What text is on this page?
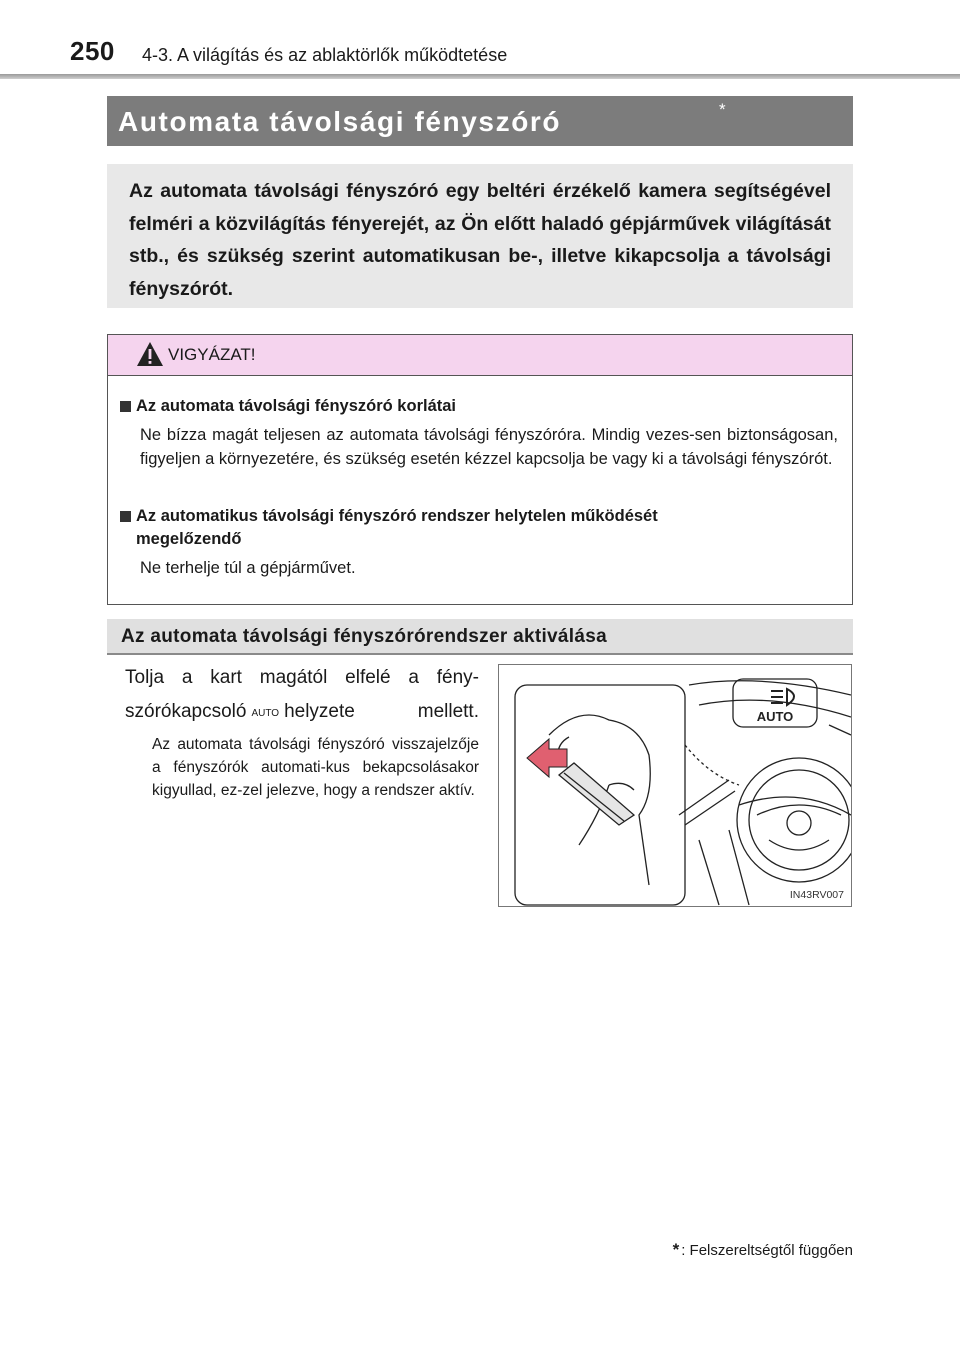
250 4-3. A világítás és az ablaktörlők működtetése
Automata távolsági fényszóró	*

Az automata távolsági fényszóró egy beltéri érzékelő kamera segítségével felméri a közvilágítás fényerejét, az Ön előtt haladó gépjárművek világítását stb., és szükség szerint automatikusan be-, illetve kikapcsolja a távolsági fényszórót.

VIGYÁZAT!
Az automata távolsági fényszóró korlátai
Ne bízza magát teljesen az automata távolsági fényszóróra. Mindig vezes-sen biztonságosan, figyeljen a környezetére, és szükség esetén kézzel kapcsolja be vagy ki a távolsági fényszórót.
Az automatikus távolsági fényszóró rendszer helytelen működését
megelőzendő
Ne terhelje túl a gépjárművet.
Az automata távolsági fényszórórendszer aktiválása
Tolja a kart magától elfelé a fény-
szórókapcsoló AUTO helyzete mellett.
Az automata távolsági fényszóró visszajelzője a fényszórók automati-kus bekapcsolásakor kigyullad, ez-zel jelezve, hogy a rendszer aktív.
AUTO
IN43RV007
* : Felszereltségtől függően
